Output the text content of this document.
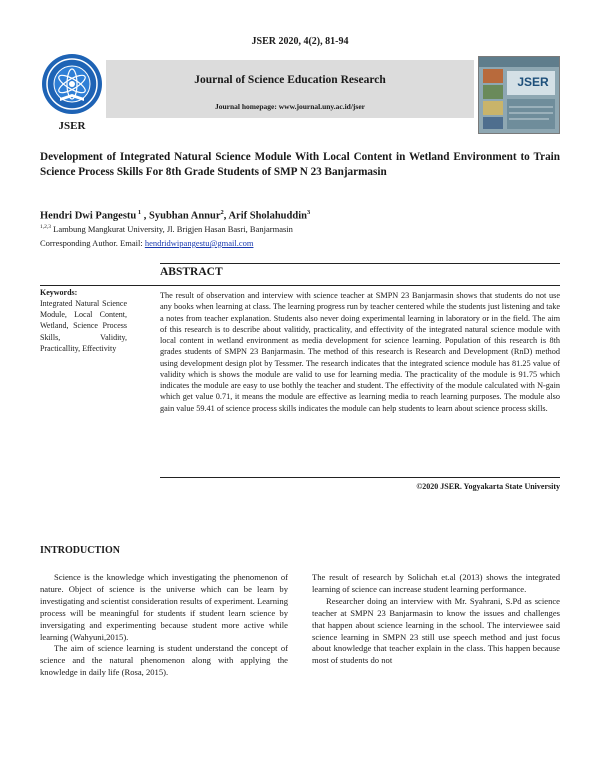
JSER 2020, 4(2), 81-94
JSER
Journal of Science Education Research
Journal homepage: www.journal.uny.ac.id/jser
JSER
Development of Integrated Natural Science Module With Local Content in Wetland Environment to Train Science Process Skills For 8th Grade Students of SMP N 23 Banjarmasin
Hendri Dwi Pangestu $^1$ , Syubhan Annur$^2$, Arif Sholahuddin$^3$
$^{1,2,3}$ Lambung Mangkurat University, Jl. Brigjen Hasan Basri, Banjarmasin
Corresponding Author. Email: hendridwipangestu@gmail.com
ABSTRACT
Keywords:
Integrated Natural Science Module, Local Content, Wetland, Science Process Skills, Validity, Practicallity, Effectivity
The result of observation and interview with science teacher at SMPN 23 Banjarmasin shows that students do not use any books when learning at class. The learning progress run by teacher centered while the students just listening and take a notes from teacher explanation. Students also never doing experimental learning in laboratory or in the field. The aim of this research is to describe about valitidy, practicality, and effectivity of the integrated natural science module with local content in wetland environment as media development for science learning. Population of this research is 8th grades students of SMPN 23 Banjarmasin. The method of this research is Research and Development (RnD) method using development design plot by Tessmer. The research indicates that the integrated science module has 81.25 value of validity which is shows the module are valid to use for learning media. The practicality of the module is 91.75 which indicates the module are easy to use bothly the teacher and student. The effectivity of the module calculated with N-gain which get value 0.71, it means the module are effective as learning media to reach learning purposes. The module also gain value 59.41 of science process skills indicates the module can help students to learn about science process skills.
©2020 JSER. Yogyakarta State University
INTRODUCTION

Science is the knowledge which investigating the phenomenon of nature. Object of science is the universe which can be learn by investigating and scientist consideration results of experiment. Learning process will be meaningful for students if student learn science by inversigating and experimenting because student more active while learning (Wahyuni,2015).

The aim of science learning is student understand the concept of science and the natural phenomenon along with applying the knowledge in daily life (Rosa, 2015).

The result of research by Solichah et.al (2013) shows the integrated learning of science can increase student learning performance.

Researcher doing an interview with Mr. Syahrani, S.Pd as science teacher at SMPN 23 Banjarmasin to know the issues and challenges that happen about science learning in the school. The interviewee said science learning in SMPN 23 still use speech method and just focus about knowledge that teacher explain in the class. This happen because most of students do not
